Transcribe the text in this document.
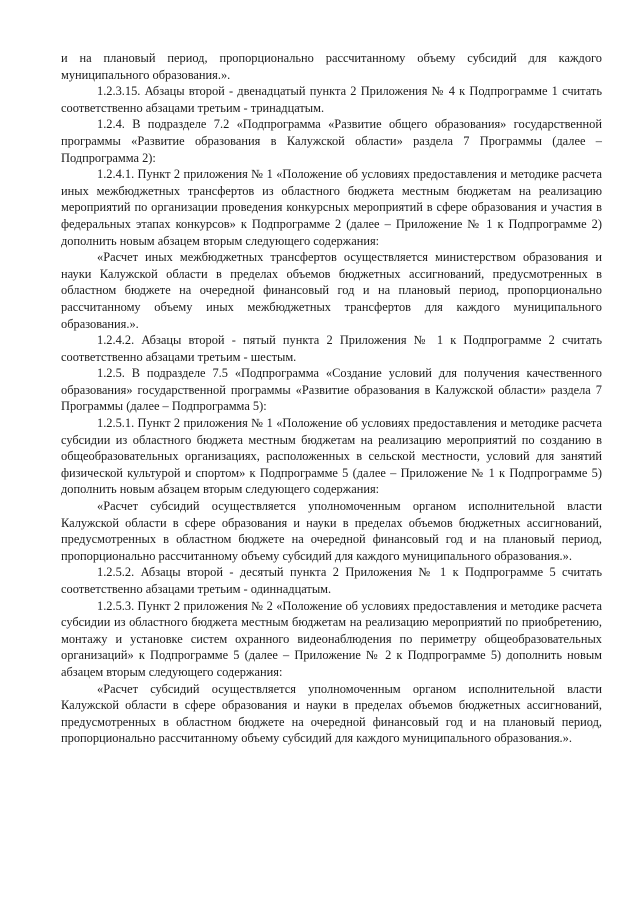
и на плановый период, пропорционально рассчитанному объему субсидий для каждого муниципального образования.».

1.2.3.15. Абзацы второй - двенадцатый пункта 2 Приложения № 4 к Подпрограмме 1 считать соответственно абзацами третьим - тринадцатым.

1.2.4. В подразделе 7.2 «Подпрограмма «Развитие общего образования» государственной программы «Развитие образования в Калужской области» раздела 7 Программы (далее – Подпрограмма 2):

1.2.4.1. Пункт 2 приложения № 1 «Положение об условиях предоставления и методике расчета иных межбюджетных трансфертов из областного бюджета местным бюджетам на реализацию мероприятий по организации проведения конкурсных мероприятий в сфере образования и участия в федеральных этапах конкурсов» к Подпрограмме 2 (далее – Приложение № 1 к Подпрограмме 2) дополнить новым абзацем вторым следующего содержания:

«Расчет иных межбюджетных трансфертов осуществляется министерством образования и науки Калужской области в пределах объемов бюджетных ассигнований, предусмотренных в областном бюджете на очередной финансовый год и на плановый период, пропорционально рассчитанному объему иных межбюджетных трансфертов для каждого муниципального образования.».

1.2.4.2. Абзацы второй - пятый пункта 2 Приложения № 1 к Подпрограмме 2 считать соответственно абзацами третьим - шестым.

1.2.5. В подразделе 7.5 «Подпрограмма «Создание условий для получения качественного образования» государственной программы «Развитие образования в Калужской области» раздела 7 Программы (далее – Подпрограмма 5):

1.2.5.1. Пункт 2 приложения № 1 «Положение об условиях предоставления и методике расчета субсидии из областного бюджета местным бюджетам на реализацию мероприятий по созданию в общеобразовательных организациях, расположенных в сельской местности, условий для занятий физической культурой и спортом» к Подпрограмме 5 (далее – Приложение № 1 к Подпрограмме 5) дополнить новым абзацем вторым следующего содержания:

«Расчет субсидий осуществляется уполномоченным органом исполнительной власти Калужской области в сфере образования и науки в пределах объемов бюджетных ассигнований, предусмотренных в областном бюджете на очередной финансовый год и на плановый период, пропорционально рассчитанному объему субсидий для каждого муниципального образования.».

1.2.5.2. Абзацы второй - десятый пункта 2 Приложения № 1 к Подпрограмме 5 считать соответственно абзацами третьим - одиннадцатым.

1.2.5.3. Пункт 2 приложения № 2 «Положение об условиях предоставления и методике расчета субсидии из областного бюджета местным бюджетам на реализацию мероприятий по приобретению, монтажу и установке систем охранного видеонаблюдения по периметру общеобразовательных организаций» к Подпрограмме 5 (далее – Приложение № 2 к Подпрограмме 5) дополнить новым абзацем вторым следующего содержания:

«Расчет субсидий осуществляется уполномоченным органом исполнительной власти Калужской области в сфере образования и науки в пределах объемов бюджетных ассигнований, предусмотренных в областном бюджете на очередной финансовый год и на плановый период, пропорционально рассчитанному объему субсидий для каждого муниципального образования.».
